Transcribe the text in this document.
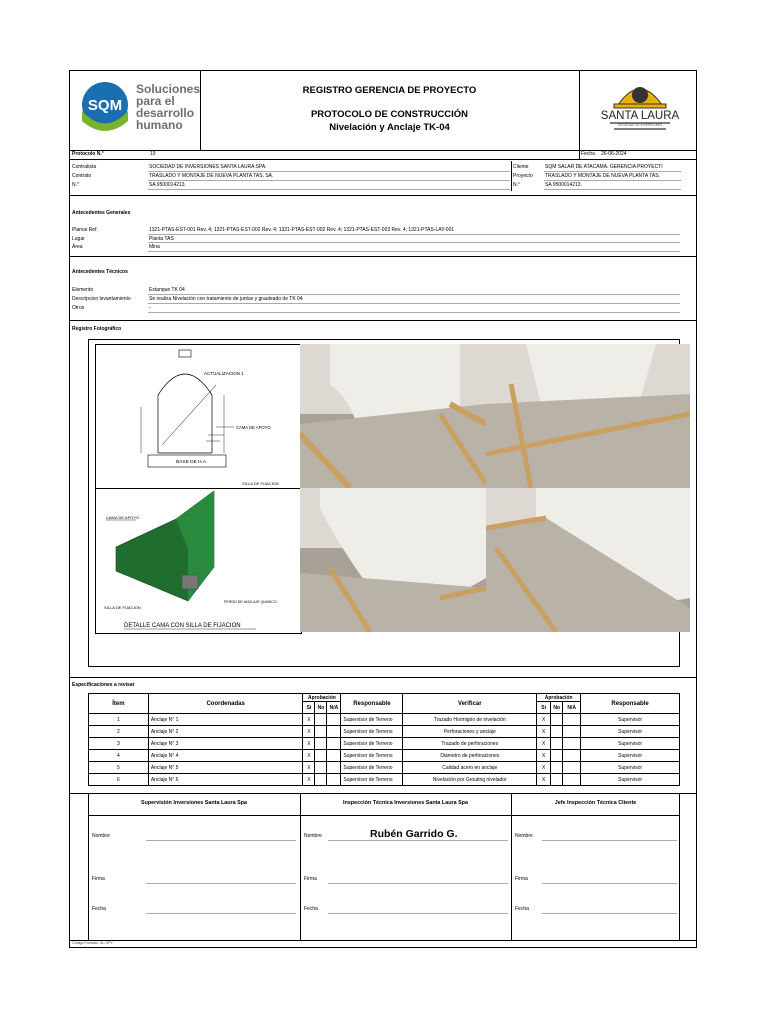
SQM
Soluciones
para el
desarrollo
humano
REGISTRO GERENCIA DE PROYECTO
PROTOCOLO DE CONSTRUCCIÓN
Nivelación y Anclaje TK-04
SANTA LAURA
SOCIEDAD DE INVERSIONES
Protocolo N.°	19	Fecha 26-06-2024
Contratista	SOCIEDAD DE INVERSIONES SANTA LAURA SPA.
Contrato	TRASLADO Y MONTAJE DE NUEVA PLANTA TAS, SA.
N.°	SA 9500014213.
Cliente	SQM SALAR DE ATACAMA. GERENCIA PROYECTI
Proyecto TRASLADO Y MONTAJE DE NUEVA PLANTA TAS,
N.°	SA 9500014213.
Antecedentes Generales
Planos Ref.	1321-PTAS-EST-001 Rev. 4; 1321-PTAS-EST-002 Rev. 4; 1321-PTAS-EST-002 Rev. 4; 1321-PTAS-EST-003 Rev. 4; 1321-PTAS-LAY-001
Lugar	Planta TAS
Área	Mina
Antecedentes Técnicos
Elemento	Estanque TK 04
Descripcion levantamiento	Se realiza Nivelación con tratamiento de juntas y grauteado de TK 04
Otros	-
Registro Fotográfico
ACTUALIZACION 1
CAMA DE APOYO
BASE DE H.A.
SILLA DE FIJACION
CAMA DE APOYO
SILLA DE FIJACION
PERNO DE ANCLAJE QUIMICO
DETALLE CAMA CON SILLA DE FIJACION
Especificaciones a revisar
Ítem	Coordenadas	Aprobación			Responsable	Verificar	Aprobación			Responsable
		Si	No	N/A			Si	No	N/A	
1	Anclaje N° 1	X			Supervisor de Terreno	Trazado Hormigón de nivelación	X			Supervisor
2	Anclaje N° 2	X			Supervisor de Terreno	Perforaciones y anclaje	X			Supervisor
3	Anclaje N° 3	X			Supervisor de Terreno	Trazado de perforaciones	X			Supervisor
4	Anclaje N° 4	X			Supervisor de Terreno	Diámetro de perforaciones	X			Supervisor
5	Anclaje N° 5	X			Supervisor de Terreno	Calidad acero en anclaje	X			Supervisor
6	Anclaje N° 6	X			Supervisor de Terreno	Nivelación por Grouting nivelador	X			Supervisor
Supervisión Inversiones Santa Laura Spa	Inspección Técnica Inversiones Santa Laura Spa	Jefe Inspección Técnica Cliente
Nombre
Firma
Fecha
Nombre	Rubén Garrido G.
Firma
Fecha
Nombre
Firma
Fecha
Código Formato: SL-GPY
